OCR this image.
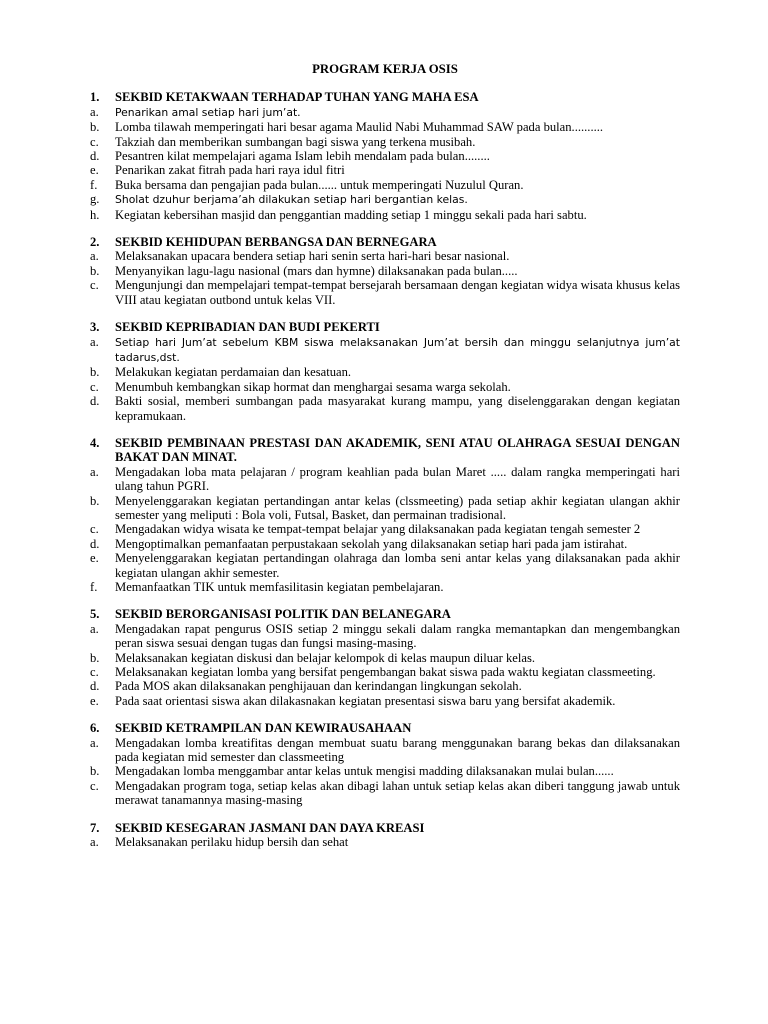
PROGRAM KERJA OSIS
1. SEKBID KETAKWAAN TERHADAP TUHAN YANG MAHA ESA
a. Penarikan amal setiap hari jum’at.
b. Lomba tilawah memperingati hari besar agama Maulid Nabi Muhammad SAW pada bulan..........
c. Takziah dan memberikan sumbangan bagi siswa yang terkena musibah.
d. Pesantren kilat mempelajari agama Islam lebih mendalam pada bulan........
e. Penarikan zakat fitrah pada hari raya idul fitri
f. Buka bersama dan pengajian pada bulan...... untuk memperingati Nuzulul Quran.
g. Sholat dzuhur berjama’ah dilakukan setiap hari bergantian kelas.
h. Kegiatan kebersihan masjid dan penggantian madding setiap 1 minggu sekali pada hari sabtu.
2. SEKBID KEHIDUPAN BERBANGSA DAN BERNEGARA
a. Melaksanakan upacara bendera setiap hari senin serta hari-hari besar nasional.
b. Menyanyikan lagu-lagu nasional (mars dan hymne) dilaksanakan pada bulan.....
c. Mengunjungi dan mempelajari tempat-tempat bersejarah bersamaan dengan kegiatan widya wisata khusus kelas VIII atau kegiatan outbond untuk kelas VII.
3. SEKBID KEPRIBADIAN DAN BUDI PEKERTI
a. Setiap hari Jum’at sebelum KBM siswa melaksanakan Jum’at bersih dan minggu selanjutnya jum’at tadarus,dst.
b. Melakukan kegiatan perdamaian dan kesatuan.
c. Menumbuh kembangkan sikap hormat dan menghargai sesama warga sekolah.
d. Bakti sosial, memberi sumbangan pada masyarakat kurang mampu, yang diselenggarakan dengan kegiatan kepramukaan.
4. SEKBID PEMBINAAN PRESTASI DAN AKADEMIK, SENI ATAU OLAHRAGA SESUAI DENGAN BAKAT DAN MINAT.
a. Mengadakan loba mata pelajaran / program keahlian pada bulan Maret ..... dalam rangka memperingati hari ulang tahun PGRI.
b. Menyelenggarakan kegiatan pertandingan antar kelas (clssmeeting) pada setiap akhir kegiatan ulangan akhir semester yang meliputi : Bola voli, Futsal, Basket, dan permainan tradisional.
c. Mengadakan widya wisata ke tempat-tempat belajar yang dilaksanakan pada kegiatan tengah semester 2
d. Mengoptimalkan pemanfaatan perpustakaan sekolah yang dilaksanakan setiap hari pada jam istirahat.
e. Menyelenggarakan kegiatan pertandingan olahraga dan lomba seni antar kelas yang dilaksanakan pada akhir kegiatan ulangan akhir semester.
f. Memanfaatkan TIK untuk memfasilitasin kegiatan pembelajaran.
5. SEKBID BERORGANISASI POLITIK DAN BELANEGARA
a. Mengadakan rapat pengurus OSIS setiap 2 minggu sekali dalam rangka memantapkan dan mengembangkan peran siswa sesuai dengan tugas dan fungsi masing-masing.
b. Melaksanakan kegiatan diskusi dan belajar kelompok di kelas maupun diluar kelas.
c. Melaksanakan kegiatan lomba yang bersifat pengembangan bakat siswa pada waktu kegiatan classmeeting.
d. Pada MOS akan dilaksanakan penghijauan dan kerindangan lingkungan sekolah.
e. Pada saat orientasi siswa akan dilakasnakan kegiatan presentasi siswa baru yang bersifat akademik.
6. SEKBID KETRAMPILAN DAN KEWIRAUSAHAAN
a. Mengadakan lomba kreatifitas dengan membuat suatu barang menggunakan barang bekas dan dilaksanakan pada kegiatan mid semester dan classmeeting
b. Mengadakan lomba menggambar antar kelas untuk mengisi madding dilaksanakan mulai bulan......
c. Mengadakan program toga, setiap kelas akan dibagi lahan untuk setiap kelas akan diberi tanggung jawab untuk merawat tanamannya masing-masing
7. SEKBID KESEGARAN JASMANI DAN DAYA KREASI
a. Melaksanakan perilaku hidup bersih dan sehat
